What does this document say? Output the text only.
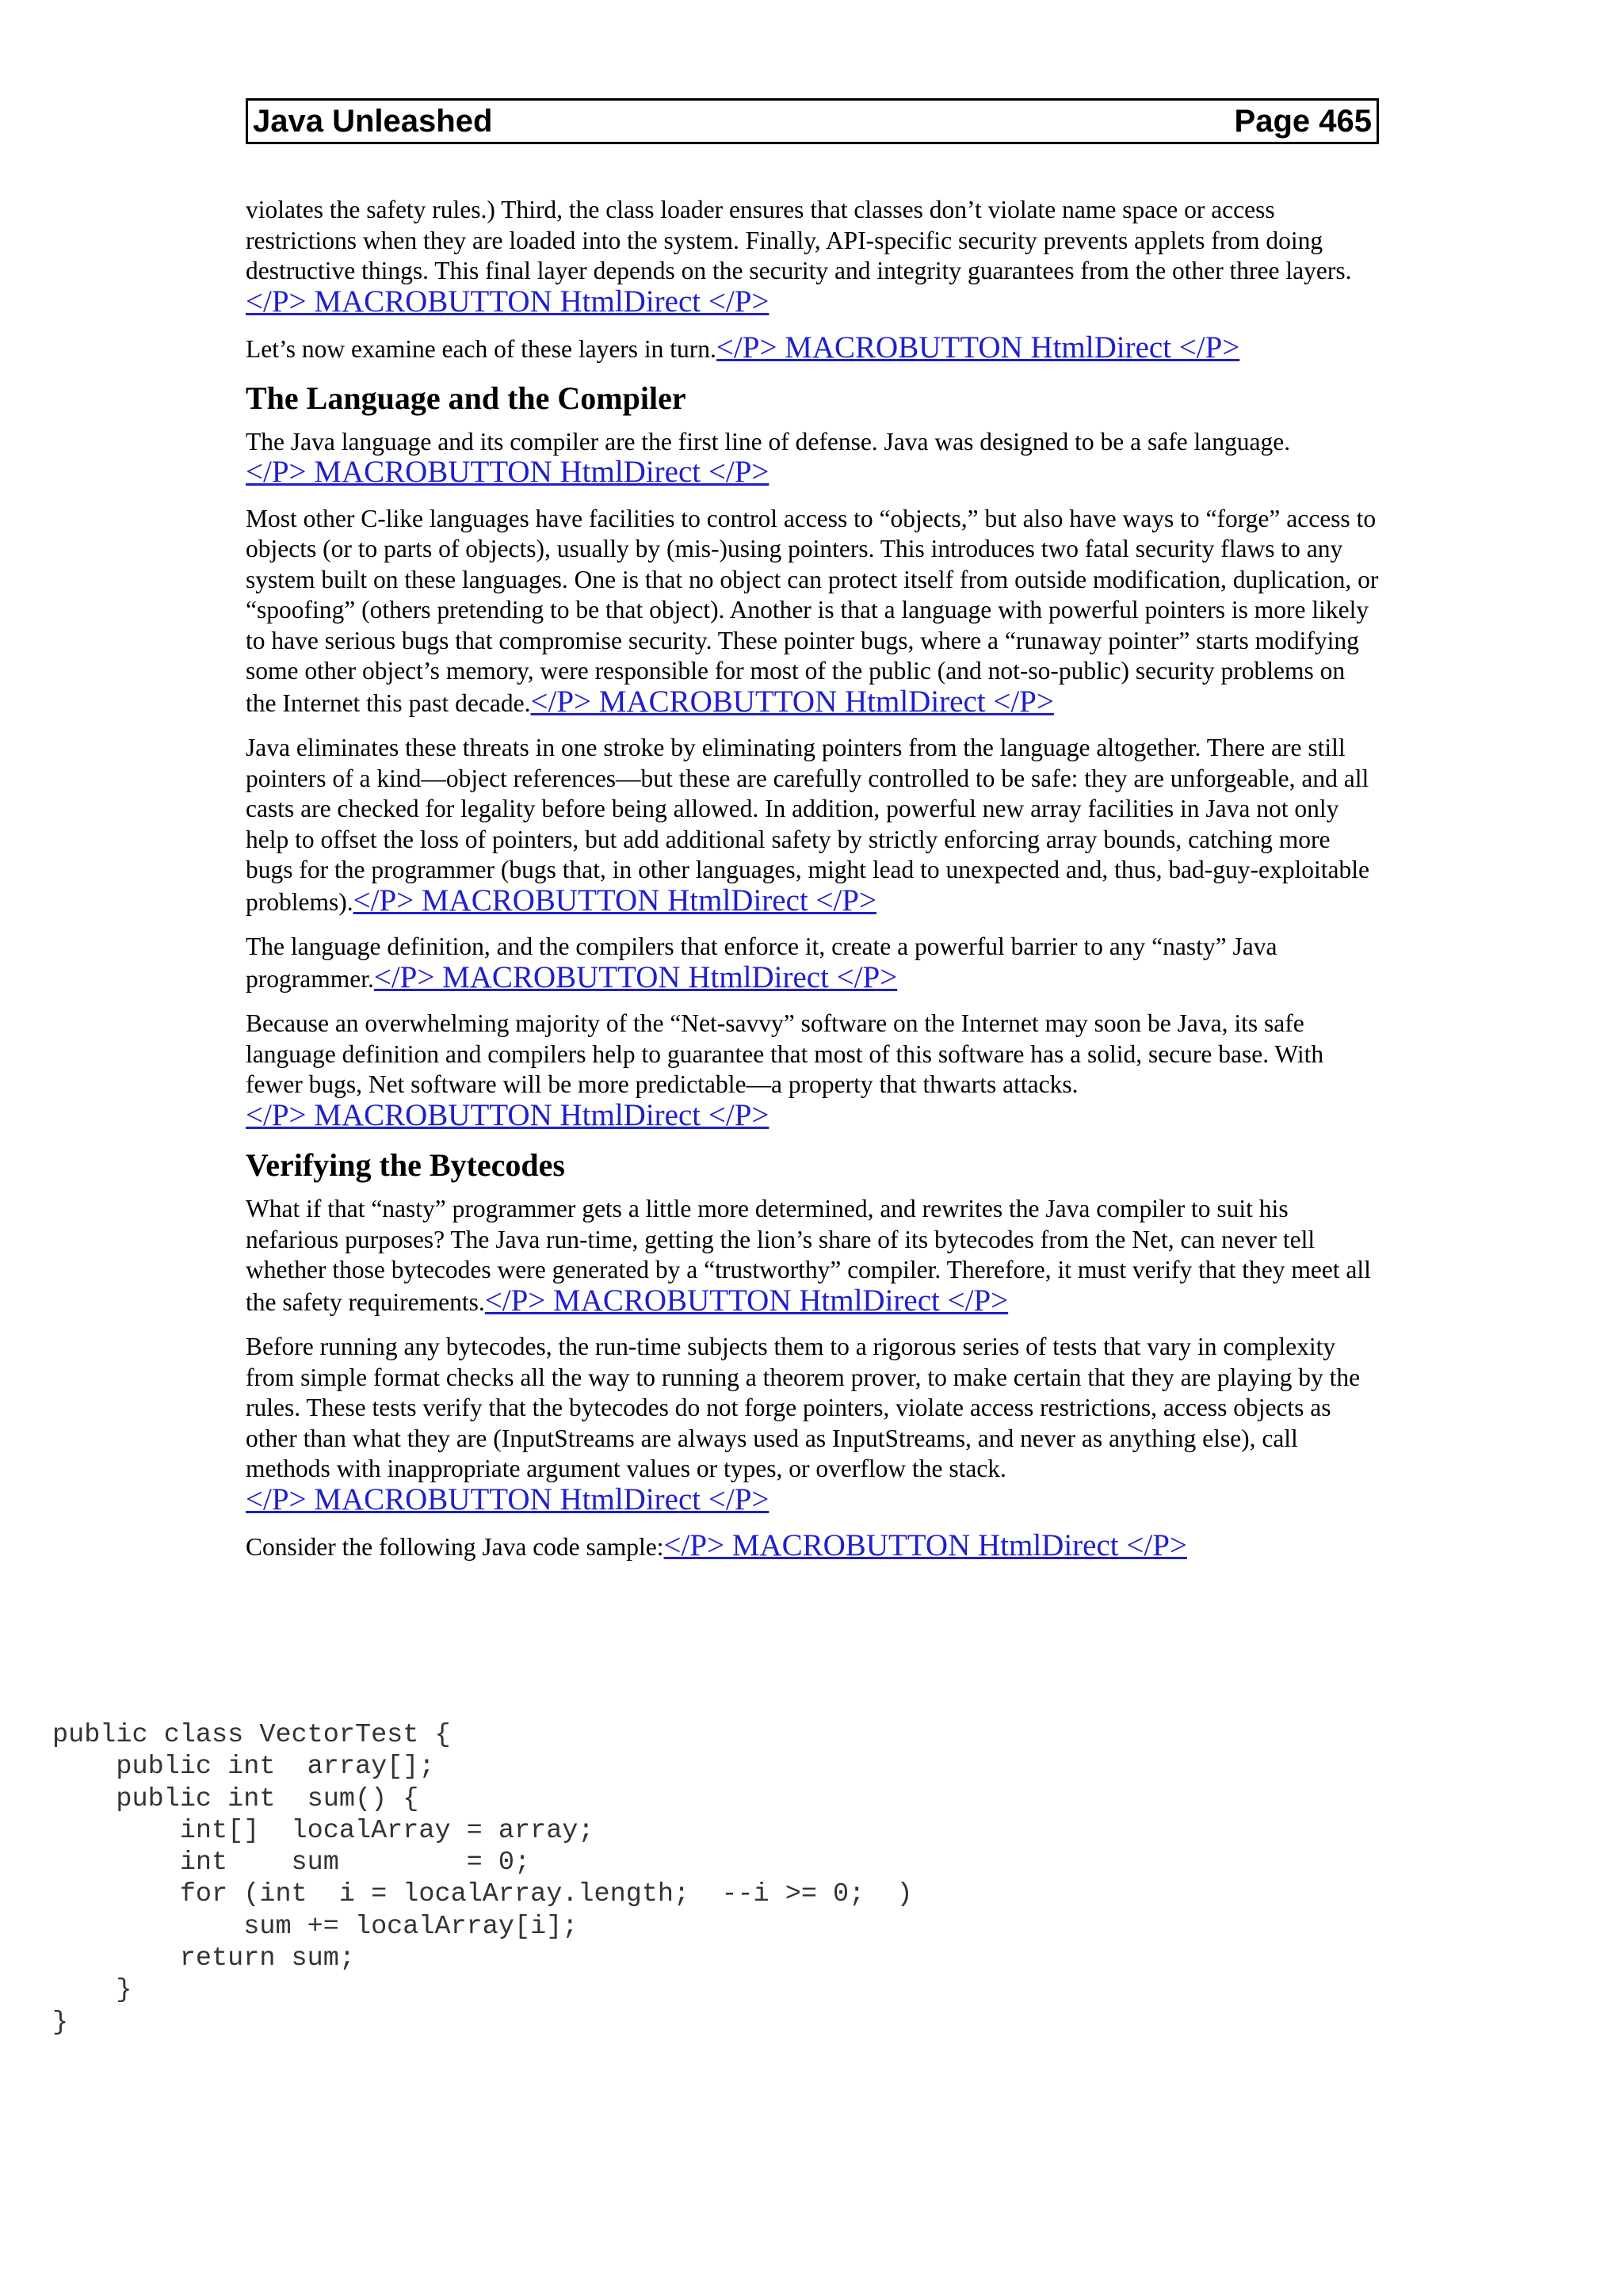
Java Unleashed	Page 465

violates the safety rules.) Third, the class loader ensures that classes don’t violate name space or access restrictions when they are loaded into the system. Finally, API-specific security prevents applets from doing destructive things. This final layer depends on the security and integrity guarantees from the other three layers.</P> MACROBUTTON HtmlDirect </P>

Let’s now examine each of these layers in turn.</P> MACROBUTTON HtmlDirect </P>

The Language and the Compiler

The Java language and its compiler are the first line of defense. Java was designed to be a safe language.</P> MACROBUTTON HtmlDirect </P>

Most other C-like languages have facilities to control access to “objects,” but also have ways to “forge” access to objects (or to parts of objects), usually by (mis-)using pointers. This introduces two fatal security flaws to any system built on these languages. One is that no object can protect itself from outside modification, duplication, or “spoofing” (others pretending to be that object). Another is that a language with powerful pointers is more likely to have serious bugs that compromise security. These pointer bugs, where a “runaway pointer” starts modifying some other object’s memory, were responsible for most of the public (and not-so-public) security problems on the Internet this past decade.</P> MACROBUTTON HtmlDirect </P>

Java eliminates these threats in one stroke by eliminating pointers from the language altogether. There are still pointers of a kind—object references—but these are carefully controlled to be safe: they are unforgeable, and all casts are checked for legality before being allowed. In addition, powerful new array facilities in Java not only help to offset the loss of pointers, but add additional safety by strictly enforcing array bounds, catching more bugs for the programmer (bugs that, in other languages, might lead to unexpected and, thus, bad-guy-exploitable problems).</P> MACROBUTTON HtmlDirect </P>

The language definition, and the compilers that enforce it, create a powerful barrier to any “nasty” Java programmer.</P> MACROBUTTON HtmlDirect </P>

Because an overwhelming majority of the “Net-savvy” software on the Internet may soon be Java, its safe language definition and compilers help to guarantee that most of this software has a solid, secure base. With fewer bugs, Net software will be more predictable—a property that thwarts attacks.</P> MACROBUTTON HtmlDirect </P>

Verifying the Bytecodes

What if that “nasty” programmer gets a little more determined, and rewrites the Java compiler to suit his nefarious purposes? The Java run-time, getting the lion’s share of its bytecodes from the Net, can never tell whether those bytecodes were generated by a “trustworthy” compiler. Therefore, it must verify that they meet all the safety requirements.</P> MACROBUTTON HtmlDirect </P>

Before running any bytecodes, the run-time subjects them to a rigorous series of tests that vary in complexity from simple format checks all the way to running a theorem prover, to make certain that they are playing by the rules. These tests verify that the bytecodes do not forge pointers, violate access restrictions, access objects as other than what they are (InputStreams are always used as InputStreams, and never as anything else), call methods with inappropriate argument values or types, or overflow the stack.</P> MACROBUTTON HtmlDirect </P>

Consider the following Java code sample:</P> MACROBUTTON HtmlDirect </P>

public class VectorTest {
public int  array[];
public int  sum() {
int[]  localArray = array;
int    sum        = 0;
for (int  i = localArray.length;  --i >= 0;  )
sum += localArray[i];
return sum;
}
}
